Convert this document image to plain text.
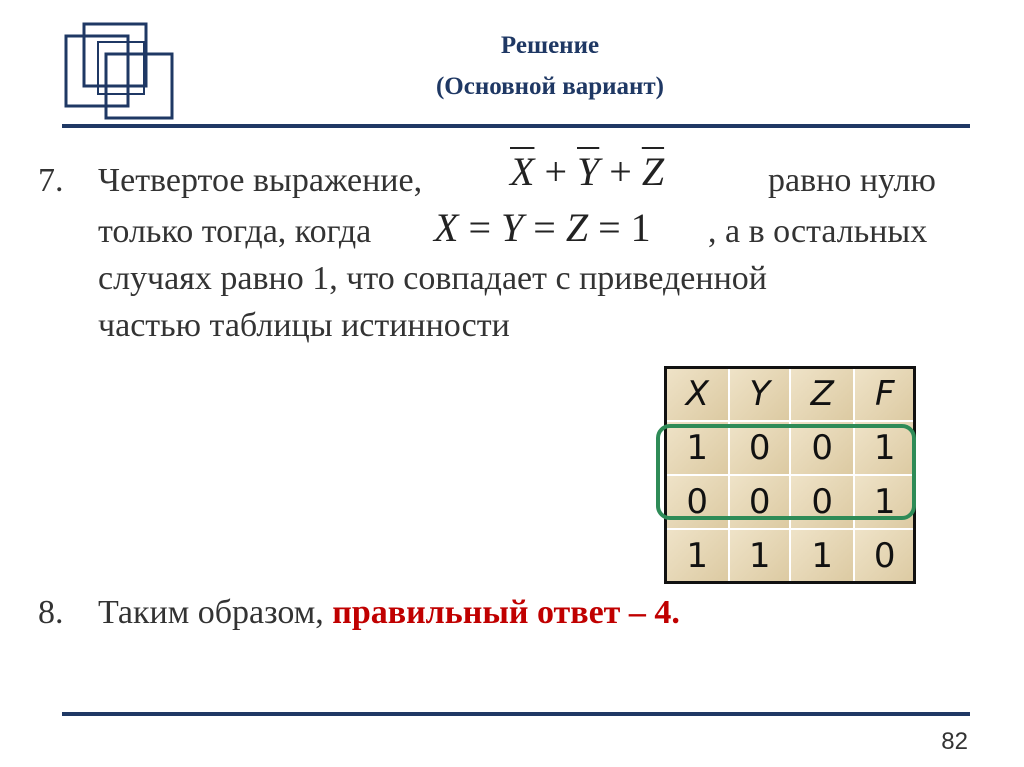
Решение
(Основной вариант)
7. Четвертое выражение, $\overline{X} + \overline{Y} + \overline{Z}$	равно нулю
только тогда, когда X = Y = Z = 1 , а в остальных
случаях равно 1, что совпадает с приведенной
частью таблицы истинности
X	Y	Z	F
1	0	0	1
0	0	0	1
1	1	1	0
8. Таким образом, правильный ответ – 4.
82
